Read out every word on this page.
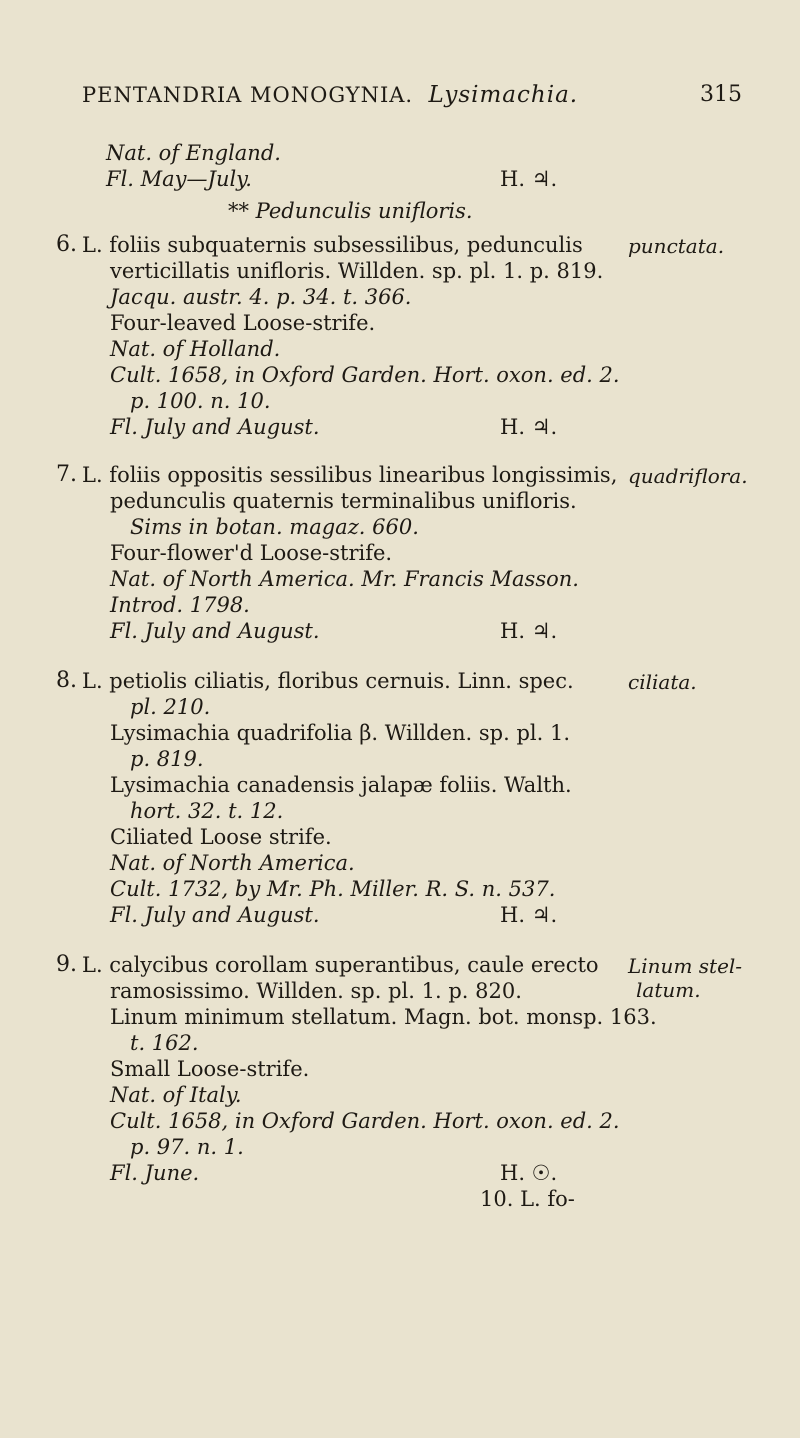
PENTANDRIA MONOGYNIA. Lysimachia.	315
Nat. of England.
Fl. May—July.	H. ♃.
** Pedunculis unifloris.
6.	punctata.
L. foliis subquaternis subsessilibus, pedunculis
verticillatis unifloris. Willden. sp. pl. 1. p. 819.
Jacqu. austr. 4. p. 34. t. 366.
Four-leaved Loose-strife.
Nat. of Holland.
Cult. 1658, in Oxford Garden. Hort. oxon. ed. 2.
p. 100. n. 10.
Fl. July and August.	H. ♃.
7.	quadriflora.
L. foliis oppositis sessilibus linearibus longissimis,
pedunculis quaternis terminalibus unifloris.
Sims in botan. magaz. 660.
Four-flower'd Loose-strife.
Nat. of North America. Mr. Francis Masson.
Introd. 1798.
Fl. July and August.	H. ♃.
8.	ciliata.
L. petiolis ciliatis, floribus cernuis. Linn. spec.
pl. 210.
Lysimachia quadrifolia β. Willden. sp. pl. 1.
p. 819.
Lysimachia canadensis jalapæ foliis. Walth.
hort. 32. t. 12.
Ciliated Loose strife.
Nat. of North America.
Cult. 1732, by Mr. Ph. Miller. R. S. n. 537.
Fl. July and August.	H. ♃.
9.	Linum stel-
latum.
L. calycibus corollam superantibus, caule erecto
ramosissimo. Willden. sp. pl. 1. p. 820.
Linum minimum stellatum. Magn. bot. monsp. 163.
t. 162.
Small Loose-strife.
Nat. of Italy.
Cult. 1658, in Oxford Garden. Hort. oxon. ed. 2.
p. 97. n. 1.
Fl. June.	H. ☉.
10. L. fo-
